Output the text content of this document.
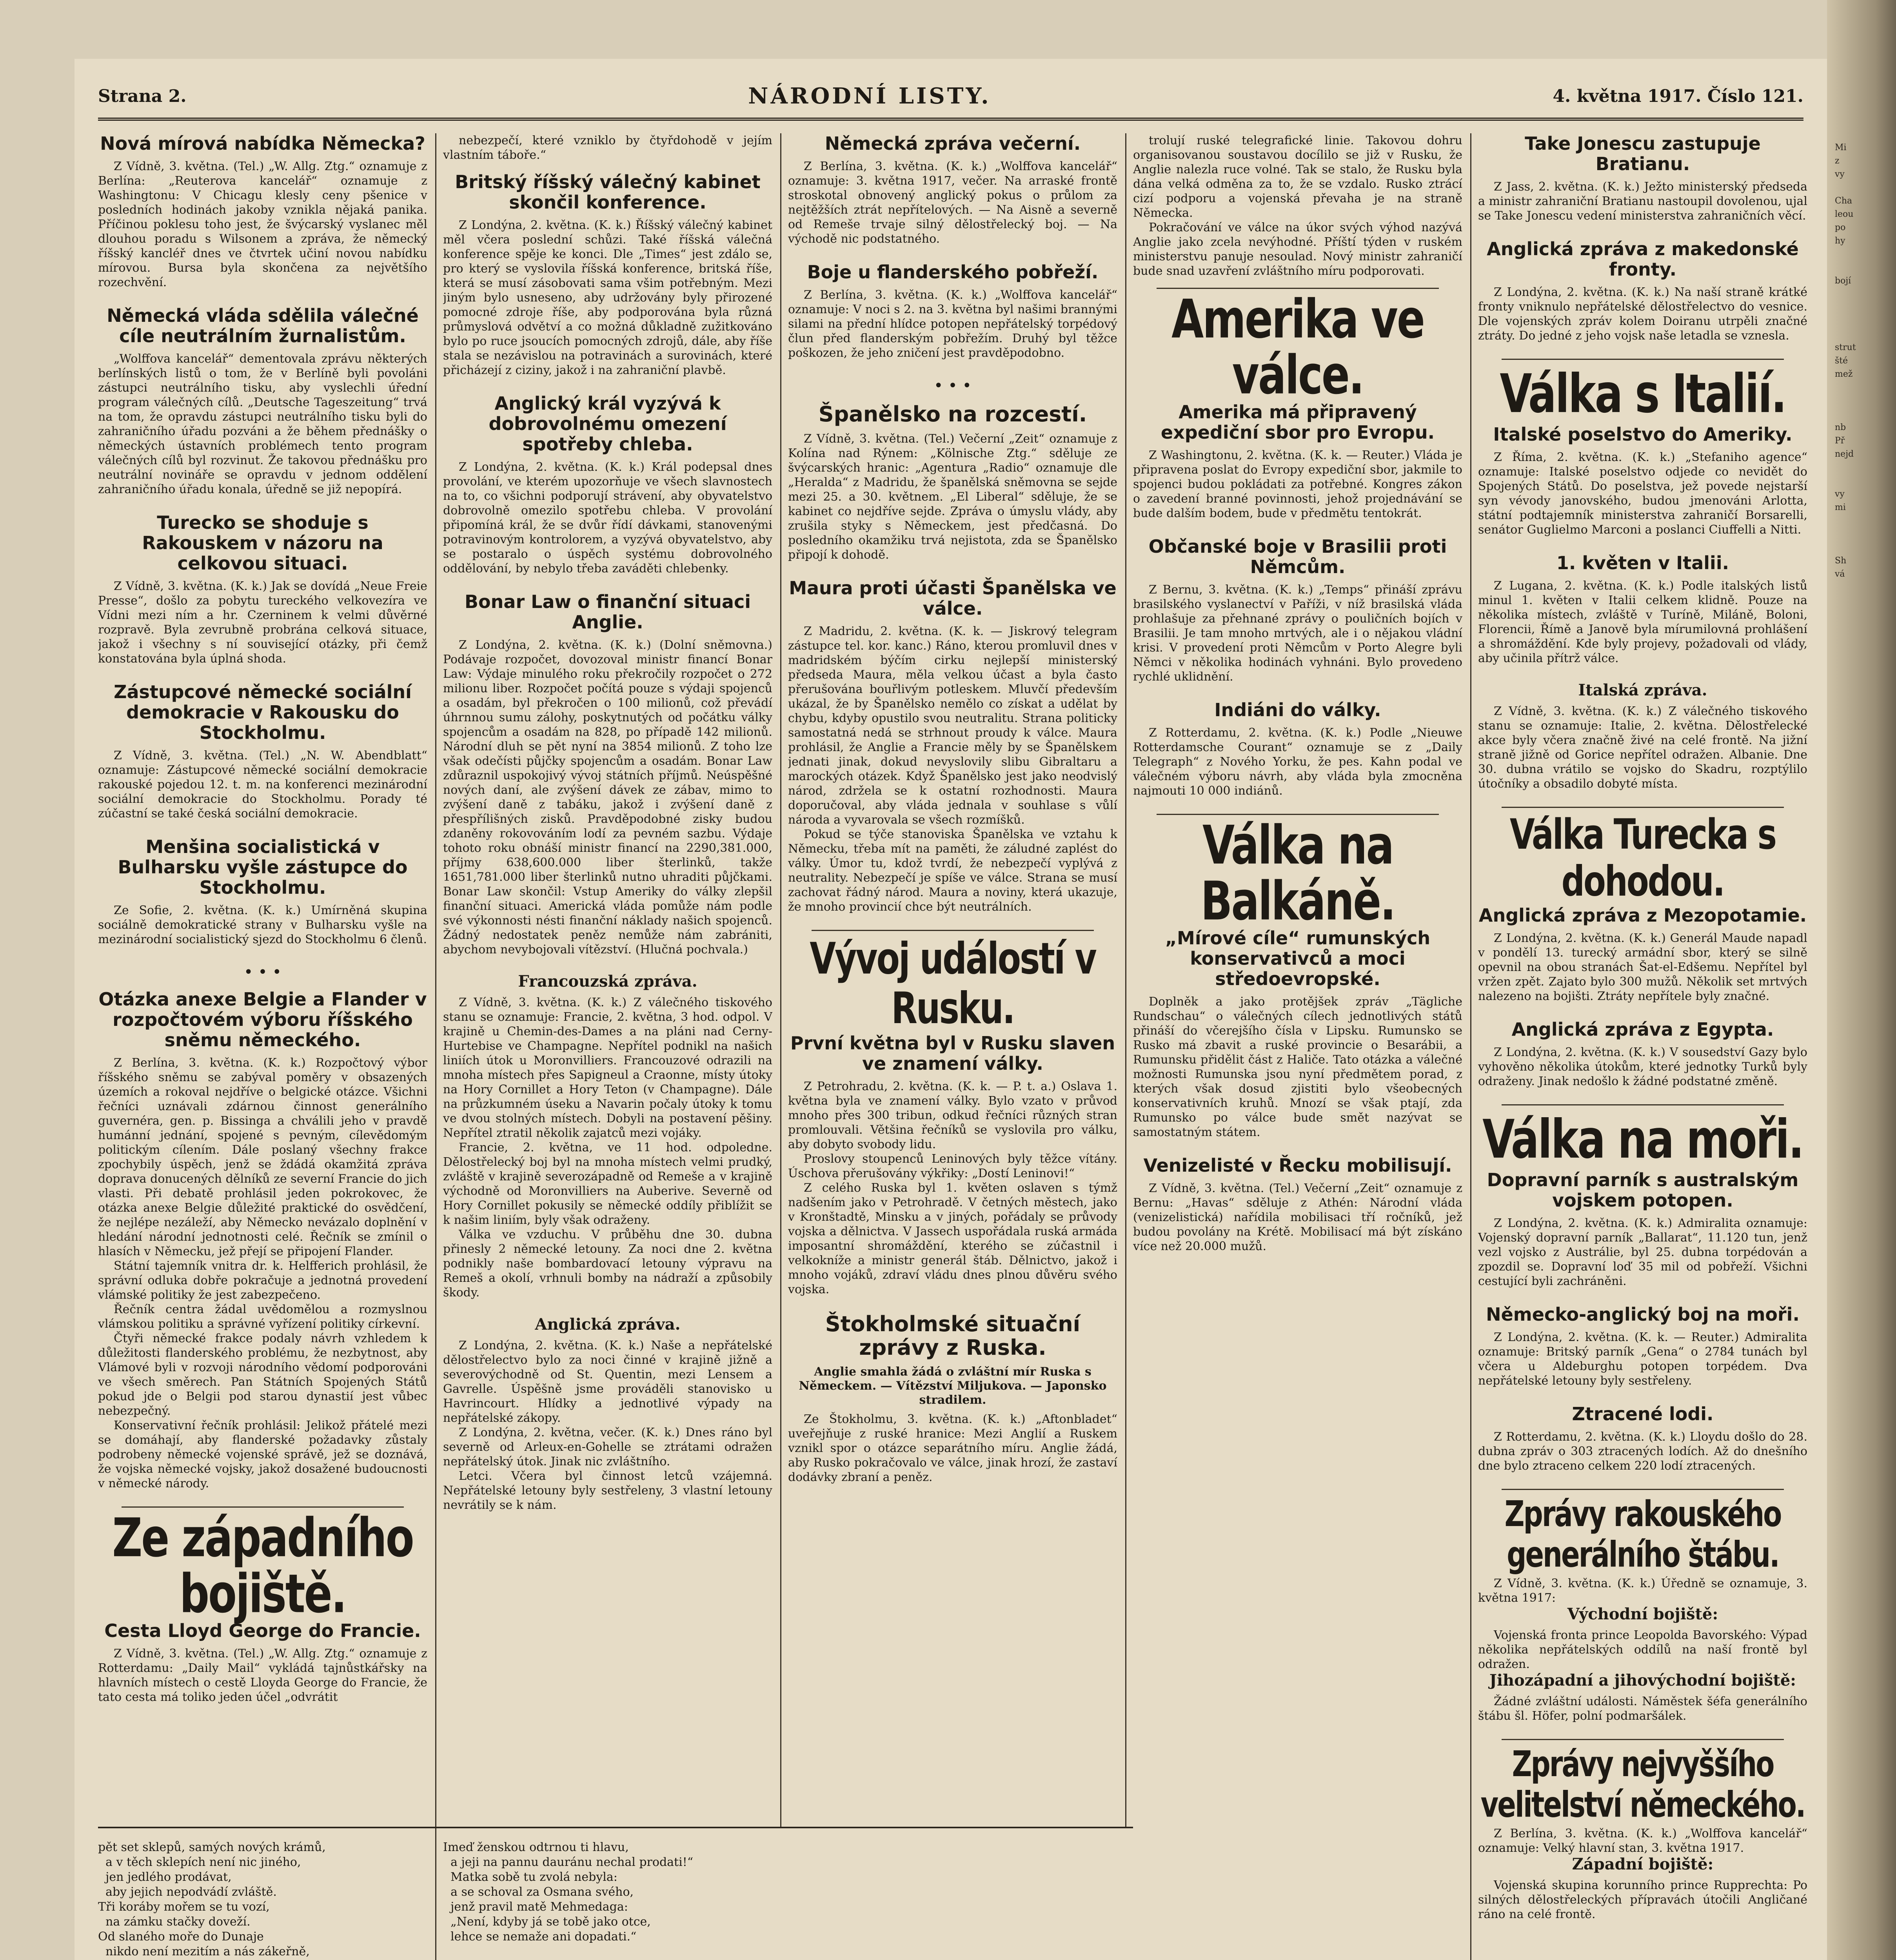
Strana 2.	NÁRODNÍ LISTY.	4. května 1917. Číslo 121.
Nová mírová nabídka Německa?

Z Vídně, 3. května. (Tel.) „W. Allg. Ztg.“ oznamuje z Berlína: „Reuterova kancelář“ oznamuje z Washingtonu: V Chicagu klesly ceny pšenice v posledních hodinách jakoby vznikla nějaká panika. Příčinou poklesu toho jest, že švýcarský vyslanec měl dlouhou poradu s Wilsonem a zpráva, že německý říšský kancléř dnes ve čtvrtek učiní novou nabídku mírovou. Bursa byla skončena za největšího rozechvění.

Německá vláda sdělila válečné cíle neutrálním žurnalistům.

„Wolffova kancelář“ dementovala zprávu některých berlínských listů o tom, že v Berlíně byli povoláni zástupci neutrálního tisku, aby vyslechli úřední program válečných cílů. „Deutsche Tageszeitung“ trvá na tom, že opravdu zástupci neutrálního tisku byli do zahraničního úřadu pozváni a že během přednášky o německých ústavních problémech tento program válečných cílů byl rozvinut. Že takovou přednášku pro neutrální novináře se opravdu v jednom oddělení zahraničního úřadu konala, úředně se již nepopírá.

Turecko se shoduje s Rakouskem v názoru na celkovou situaci.

Z Vídně, 3. května. (K. k.) Jak se dovídá „Neue Freie Presse“, došlo za pobytu tureckého velkovezíra ve Vídni mezi ním a hr. Czerninem k velmi důvěrné rozpravě. Byla zevrubně probrána celková situace, jakož i všechny s ní související otázky, při čemž konstatována byla úplná shoda.

Zástupcové německé sociální demokracie v Rakousku do Stockholmu.

Z Vídně, 3. května. (Tel.) „N. W. Abendblatt“ oznamuje: Zástupcové německé sociální demokracie rakouské pojedou 12. t. m. na konferenci mezinárodní sociální demokracie do Stockholmu. Porady té zúčastní se také česká sociální demokracie.

Menšina socialistická v Bulharsku vyšle zástupce do Stockholmu.

Ze Sofie, 2. května. (K. k.) Umírněná skupina sociálně demokratické strany v Bulharsku vyšle na mezinárodní socialistický sjezd do Stockholmu 6 členů.

• • •
Otázka anexe Belgie a Flander v rozpočtovém výboru říšského sněmu německého.

Z Berlína, 3. května. (K. k.) Rozpočtový výbor říšského sněmu se zabýval poměry v obsazených územích a rokoval nejdříve o belgické otázce. Všichni řečníci uznávali zdárnou činnost generálního guvernéra, gen. p. Bissinga a chválili jeho v pravdě humánní jednání, spojené s pevným, cílevědomým politickým cílením. Dále poslaný všechny frakce zpochybily úspěch, jenž se ždádá okamžitá zpráva doprava donucených dělníků ze severní Francie do jich vlasti. Při debatě prohlásil jeden pokrokovec, že otázka anexe Belgie důležité praktické do osvědčení, že nejlépe nezáleží, aby Německo nevázalo doplnění v hledání národní jednotnosti celé. Řečník se zmínil o hlasích v Německu, jež přejí se připojení Flander.

Státní tajemník vnitra dr. k. Helfferich prohlásil, že správní odluka dobře pokračuje a jednotná provedení vlámské politiky že jest zabezpečeno.

Řečník centra žádal uvědomělou a rozmyslnou vlámskou politiku a správné vyřízení politiky církevní.

Čtyři německé frakce podaly návrh vzhledem k důležitosti flanderského problému, že nezbytnost, aby Vlámové byli v rozvoji národního vědomí podporováni ve všech směrech. Pan Státních Spojených Států pokud jde o Belgii pod starou dynastií jest vůbec nebezpečný.

Konservativní řečník prohlásil: Jelikož přátelé mezi se domáhají, aby flanderské požadavky zůstaly podrobeny německé vojenské správě, jež se doznává, že vojska německé vojsky, jakož dosažené budoucnosti v německé národy.

Ze západního bojiště.
Cesta Lloyd George do Francie.

Z Vídně, 3. května. (Tel.) „W. Allg. Ztg.“ oznamuje z Rotterdamu: „Daily Mail“ vykládá tajnůstkářsky na hlavních místech o cestě Lloyda George do Francie, že tato cesta má toliko jeden účel „odvrátit

nebezpečí, které vzniklo by čtyřdohodě v jejím vlastním táboře.“

Britský říšský válečný kabinet skončil konference.

Z Londýna, 2. května. (K. k.) Říšský válečný kabinet měl včera poslední schůzi. Také říšská válečná konference spěje ke konci. Dle „Times“ jest zdálo se, pro který se vyslovila říšská konference, britská říše, která se musí zásobovati sama všim potřebným. Mezi jiným bylo usneseno, aby udržovány byly přirozené pomocné zdroje říše, aby podporována byla různá průmyslová odvětví a co možná důkladně zužitkováno bylo po ruce jsoucích pomocných zdrojů, dále, aby říše stala se nezávislou na potravinách a surovinách, které přicházejí z ciziny, jakož i na zahraniční plavbě.

Anglický král vyzývá k dobrovolnému omezení spotřeby chleba.

Z Londýna, 2. května. (K. k.) Král podepsal dnes provolání, ve kterém upozorňuje ve všech slavnostech na to, co všichni podporují strávení, aby obyvatelstvo dobrovolně omezilo spotřebu chleba. V provolání připomíná král, že se dvůr řídí dávkami, stanovenými potravinovým kontrolorem, a vyzývá obyvatelstvo, aby se postaralo o úspěch systému dobrovolného oddělování, by nebylo třeba zaváděti chlebenky.

Bonar Law o finanční situaci Anglie.

Z Londýna, 2. května. (K. k.) (Dolní sněmovna.) Podávaje rozpočet, dovozoval ministr financí Bonar Law: Výdaje minulého roku překročily rozpočet o 272 milionu liber. Rozpočet počítá pouze s výdaji spojenců a osadám, byl překročen o 100 milionů, což převádí úhrnnou sumu zálohy, poskytnutých od počátku války spojencům a osadám na 828, po případě 142 milionů. Národní dluh se pět nyní na 3854 milionů. Z toho lze však odečísti půjčky spojencům a osadám. Bonar Law zdůraznil uspokojivý vývoj státních příjmů. Neúspěšné nových daní, ale zvýšení dávek ze zábav, mimo to zvýšení daně z tabáku, jakož i zvýšení daně z přespřílišných zisků. Pravděpodobné zisky budou zdaněny rokovováním lodí za pevném sazbu. Výdaje tohoto roku obnáší ministr financí na 2290,381.000, příjmy 638,600.000 liber šterlinků, takže 1651,781.000 liber šterlinků nutno uhraditi půjčkami. Bonar Law skončil: Vstup Ameriky do války zlepšil finanční situaci. Americká vláda pomůže nám podle své výkonnosti nésti finanční náklady našich spojenců. Žádný nedostatek peněz nemůže nám zabrániti, abychom nevybojovali vítězství. (Hlučná pochvala.)

Francouzská zpráva.

Z Vídně, 3. května. (K. k.) Z válečného tiskového stanu se oznamuje: Francie, 2. května, 3 hod. odpol. V krajině u Chemin-des-Dames a na pláni nad Cerny-Hurtebise ve Champagne. Nepřítel podnikl na našich liniích útok u Moronvilliers. Francouzové odrazili na mnoha místech přes Sapigneul a Craonne, místy útoky na Hory Cornillet a Hory Teton (v Champagne). Dále na průzkumném úseku a Navarin počaly útoky k tomu ve dvou stolných místech. Dobyli na postavení pěšiny. Nepřítel ztratil několik zajatců mezi vojáky.

Francie, 2. května, ve 11 hod. odpoledne. Dělostřelecký boj byl na mnoha místech velmi prudký, zvláště v krajině severozápadně od Remeše a v krajině východně od Moronvilliers na Auberive. Severně od Hory Cornillet pokusily se německé oddíly přiblížit se k našim liniím, byly však odraženy.

Válka ve vzduchu. V průběhu dne 30. dubna přinesly 2 německé letouny. Za noci dne 2. května podnikly naše bombardovací letouny výpravu na Remeš a okolí, vrhnuli bomby na nádraží a způsobily škody.

Anglická zpráva.

Z Londýna, 2. května. (K. k.) Naše a nepřátelské dělostřelectvo bylo za noci činné v krajině jižně a severovýchodně od St. Quentin, mezi Lensem a Gavrelle. Úspěšně jsme prováděli stanovisko u Havrincourt. Hlídky a jednotlivé výpady na nepřátelské zákopy.

Z Londýna, 2. května, večer. (K. k.) Dnes ráno byl severně od Arleux-en-Gohelle se ztrátami odražen nepřátelský útok. Jinak nic zvláštního.

Letci. Včera byl činnost letců vzájemná. Nepřátelské letouny byly sestřeleny, 3 vlastní letouny nevrátily se k nám.

Německá zpráva večerní.

Z Berlína, 3. května. (K. k.) „Wolffova kancelář“ oznamuje: 3. května 1917, večer. Na arraské frontě stroskotal obnovený anglický pokus o průlom za nejtěžších ztrát nepřítelových. — Na Aisně a severně od Remeše trvaje silný dělostřelecký boj. — Na východě nic podstatného.

Boje u flanderského pobřeží.

Z Berlína, 3. května. (K. k.) „Wolffova kancelář“ oznamuje: V noci s 2. na 3. května byl našimi brannými silami na přední hlídce potopen nepřátelský torpédový člun před flanderským pobřežím. Druhý byl těžce poškozen, že jeho zničení jest pravděpodobno.

• • •
Španělsko na rozcestí.

Z Vídně, 3. května. (Tel.) Večerní „Zeit“ oznamuje z Kolína nad Rýnem: „Kölnische Ztg.“ sděluje ze švýcarských hranic: „Agentura „Radio“ oznamuje dle „Heralda“ z Madridu, že španělská sněmovna se sejde mezi 25. a 30. květnem. „El Liberal“ sděluje, že se kabinet co nejdříve sejde. Zpráva o úmyslu vlády, aby zrušila styky s Německem, jest předčasná. Do posledního okamžiku trvá nejistota, zda se Španělsko připojí k dohodě.

Maura proti účasti Španělska ve válce.

Z Madridu, 2. května. (K. k. — Jiskrový telegram zástupce tel. kor. kanc.) Ráno, kterou promluvil dnes v madridském býčím cirku nejlepší ministerský předseda Maura, měla velkou účast a byla často přerušována bouřlivým potleskem. Mluvčí především ukázal, že by Španělsko nemělo co získat a udělat by chybu, kdyby opustilo svou neutralitu. Strana politicky samostatná nedá se strhnout proudy k válce. Maura prohlásil, že Anglie a Francie měly by se Španělskem jednati jinak, dokud nevyslovily slibu Gibraltaru a marockých otázek. Když Španělsko jest jako neodvislý národ, zdržela se k ostatní rozhodnosti. Maura doporučoval, aby vláda jednala v souhlase s vůlí národa a vyvarovala se všech rozmíšků.

Pokud se týče stanoviska Španělska ve vztahu k Německu, třeba mít na paměti, že záludné zaplést do války. Úmor tu, kdož tvrdí, že nebezpečí vyplývá z neutrality. Nebezpečí je spíše ve válce. Strana se musí zachovat řádný národ. Maura a noviny, která ukazuje, že mnoho provincií chce být neutrálních.

Vývoj událostí v Rusku.
První května byl v Rusku slaven ve znamení války.

Z Petrohradu, 2. května. (K. k. — P. t. a.) Oslava 1. května byla ve znamení války. Bylo vzato v průvod mnoho přes 300 tribun, odkud řečníci různých stran promlouvali. Většina řečníků se vyslovila pro válku, aby dobyto svobody lidu.

Proslovy stoupenců Leninových byly těžce vítány. Úschova přerušovány výkřiky: „Dostí Leninovi!“

Z celého Ruska byl 1. květen oslaven s týmž nadšením jako v Petrohradě. V četných městech, jako v Kronštadtě, Minsku a v jiných, pořádaly se průvody vojska a dělnictva. V Jassech uspořádala ruská armáda imposantní shromáždění, kterého se zúčastnil i velkokníže a ministr generál štáb. Dělnictvo, jakož i mnoho vojáků, zdraví vládu dnes plnou důvěru svého vojska.

Štokholmské situační zprávy z Ruska.
Anglie smahla žádá o zvláštní mír Ruska s Německem. — Vítězství Miljukova. — Japonsko stradilem.

Ze Štokholmu, 3. května. (K. k.) „Aftonbladet“ uveřejňuje z ruské hranice: Mezi Anglií a Ruskem vznikl spor o otázce separátního míru. Anglie žádá, aby Rusko pokračovalo ve válce, jinak hrozí, že zastaví dodávky zbraní a peněz.

trolují ruské telegrafické linie. Takovou dohru organisovanou soustavou docílilo se již v Rusku, že Anglie nalezla ruce volné. Tak se stalo, že Rusku byla dána velká odměna za to, že se vzdalo. Rusko ztrácí cizí podporu a vojenská převaha je na straně Německa.

Pokračování ve válce na úkor svých výhod nazývá Anglie jako zcela nevýhodné. Příští týden v ruském ministerstvu panuje nesoulad. Nový ministr zahraničí bude snad uzavření zvláštního míru podporovati.

Amerika ve válce.
Amerika má připravený expediční sbor pro Evropu.

Z Washingtonu, 2. května. (K. k. — Reuter.) Vláda je připravena poslat do Evropy expediční sbor, jakmile to spojenci budou pokládati za potřebné. Kongres zákon o zavedení branné povinnosti, jehož projednávání se bude dalším bodem, bude v předmětu tentokrát.

Občanské boje v Brasilii proti Němcům.

Z Bernu, 3. května. (K. k.) „Temps“ přináší zprávu brasilského vyslanectví v Paříži, v níž brasilská vláda prohlašuje za přehnané zprávy o pouličních bojích v Brasilii. Je tam mnoho mrtvých, ale i o nějakou vládní krisi. V provedení proti Němcům v Porto Alegre byli Němci v několika hodinách vyhnáni. Bylo provedeno rychlé uklidnění.

Indiáni do války.

Z Rotterdamu, 2. května. (K. k.) Podle „Nieuwe Rotterdamsche Courant“ oznamuje se z „Daily Telegraph“ z Nového Yorku, že pes. Kahn podal ve válečném výboru návrh, aby vláda byla zmocněna najmouti 10 000 indiánů.

Válka na Balkáně.
„Mírové cíle“ rumunských konservativců a moci středoevropské.

Doplněk a jako protějšek zpráv „Tägliche Rundschau“ o válečných cílech jednotlivých států přináší do včerejšího čísla v Lipsku. Rumunsko se Rusko má zbavit a ruské provincie o Besarábii, a Rumunsku přidělit část z Haliče. Tato otázka a válečné možnosti Rumunska jsou nyní předmětem porad, z kterých však dosud zjistiti bylo všeobecných konservativních kruhů. Mnozí se však ptají, zda Rumunsko po válce bude smět nazývat se samostatným státem.

Venizelisté v Řecku mobilisují.

Z Vídně, 3. května. (Tel.) Večerní „Zeit“ oznamuje z Bernu: „Havas“ sděluje z Athén: Národní vláda (venizelistická) nařídila mobilisaci tří ročníků, jež budou povolány na Krétě. Mobilisací má být získáno více než 20.000 mužů.

Take Jonescu zastupuje Bratianu.

Z Jass, 2. května. (K. k.) Ježto ministerský předseda a ministr zahraniční Bratianu nastoupil dovolenou, ujal se Take Jonescu vedení ministerstva zahraničních věcí.

Anglická zpráva z makedonské fronty.

Z Londýna, 2. května. (K. k.) Na naší straně krátké fronty vniknulo nepřátelské dělostřelectvo do vesnice. Dle vojenských zpráv kolem Doiranu utrpěli značné ztráty. Do jedné z jeho vojsk naše letadla se vznesla.

Válka s Italií.
Italské poselstvo do Ameriky.

Z Říma, 2. května. (K. k.) „Stefaniho agence“ oznamuje: Italské poselstvo odjede co nevidět do Spojených Států. Do poselstva, jež povede nejstarší syn vévody janovského, budou jmenováni Arlotta, státní podtajemník ministerstva zahraničí Borsarelli, senátor Guglielmo Marconi a poslanci Ciuffelli a Nitti.

1. květen v Italii.

Z Lugana, 2. května. (K. k.) Podle italských listů minul 1. květen v Italii celkem klidně. Pouze na několika místech, zvláště v Turíně, Miláně, Boloni, Florencii, Římě a Janově byla mírumilovná prohlášení a shromáždění. Kde byly projevy, požadovali od vlády, aby učinila přítrž válce.

Italská zpráva.

Z Vídně, 3. května. (K. k.) Z válečného tiskového stanu se oznamuje: Italie, 2. května. Dělostřelecké akce byly včera značně živé na celé frontě. Na jižní straně jižně od Gorice nepřítel odražen. Albanie. Dne 30. dubna vrátilo se vojsko do Skadru, rozptýlilo útočníky a obsadilo dobyté místa.

Válka Turecka s dohodou.
Anglická zpráva z Mezopotamie.

Z Londýna, 2. května. (K. k.) Generál Maude napadl v pondělí 13. turecký armádní sbor, který se silně opevnil na obou stranách Šat-el-Edšemu. Nepřítel byl vržen zpět. Zajato bylo 300 mužů. Několik set mrtvých nalezeno na bojišti. Ztráty nepřítele byly značné.

Anglická zpráva z Egypta.

Z Londýna, 2. května. (K. k.) V sousedství Gazy bylo vyhověno několika útokům, které jednotky Turků byly odraženy. Jinak nedošlo k žádné podstatné změně.

Válka na moři.
Dopravní parník s australským vojskem potopen.

Z Londýna, 2. května. (K. k.) Admiralita oznamuje: Vojenský dopravní parník „Ballarat“, 11.120 tun, jenž vezl vojsko z Austrálie, byl 25. dubna torpédován a zpozdil se. Dopravní loď 35 mil od pobřeží. Všichni cestující byli zachráněni.

Německo-anglický boj na moři.

Z Londýna, 2. května. (K. k. — Reuter.) Admiralita oznamuje: Britský parník „Gena“ o 2784 tunách byl včera u Aldeburghu potopen torpédem. Dva nepřátelské letouny byly sestřeleny.

Ztracené lodi.

Z Rotterdamu, 2. května. (K. k.) Lloydu došlo do 28. dubna zpráv o 303 ztracených lodích. Až do dnešního dne bylo ztraceno celkem 220 lodí ztracených.

Zprávy rakouského generálního štábu.

Z Vídně, 3. května. (K. k.) Úředně se oznamuje, 3. května 1917:

Východní bojiště:

Vojenská fronta prince Leopolda Bavorského: Výpad několika nepřátelských oddílů na naší frontě byl odražen.

Jihozápadní a jihovýchodní bojiště:

Žádné zvláštní události. Náměstek šéfa generálního štábu šl. Höfer, polní podmaršálek.

Zprávy nejvyššího velitelství německého.

Z Berlína, 3. května. (K. k.) „Wolffova kancelář“ oznamuje: Velký hlavní stan, 3. května 1917.

Západní bojiště:

Vojenská skupina korunního prince Rupprechta: Po silných dělostřeleckých přípravách útočili Angličané ráno na celé frontě.

pět set sklepů, samých nových krámů,
a v těch sklepích není nic jiného,
jen jedlého prodávat,
aby jejich nepodvádí zvláště.
Tři koráby mořem se tu vozí,
na zámku stačky doveží.
Od slaného moře do Dunaje
nikdo není mezitím a nás zákeřně,

Imeď ženskou odtrnou ti hlavu,
a jeji na pannu dauránu nechal prodati!“
Matka sobě tu zvolá nebyla:
a se schoval za Osmana svého,
jenž pravil matě Mehmedaga:
„Není, kdyby já se tobě jako otce,
lehce se nemaže ani dopadati.“

Mi
z
vy

Cha
leou
po
hy

bojí

strut
šté
mež

nb
Př
nejd

vy
mi

Sh
vá
